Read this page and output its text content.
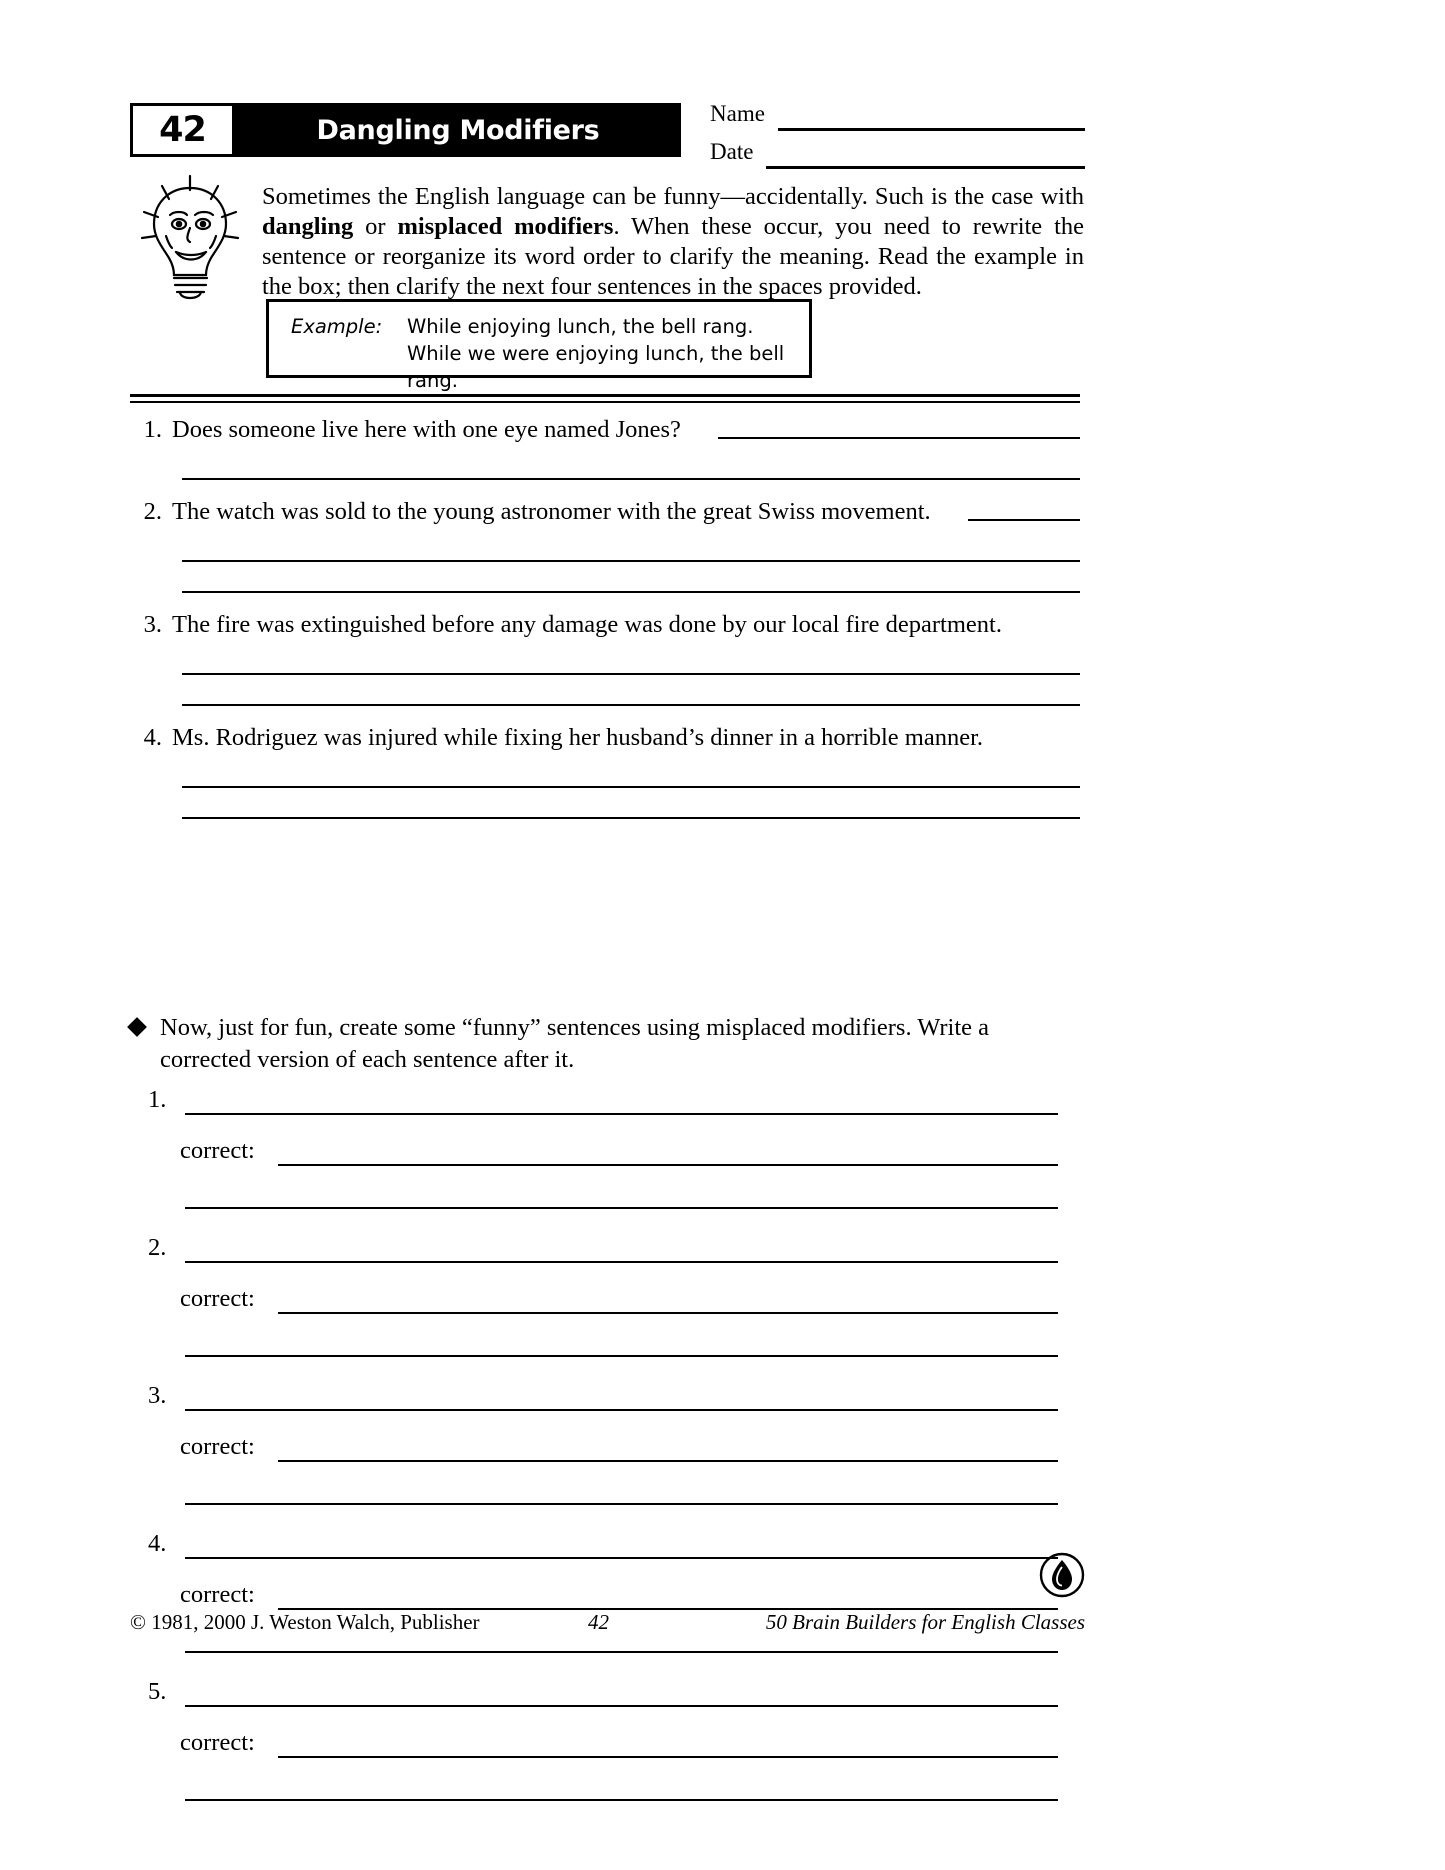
42	Dangling Modifiers
Name
Date
Sometimes the English language can be funny—accidentally. Such is the case with dangling or misplaced modifiers. When these occur, you need to rewrite the sentence or reorganize its word order to clarify the meaning. Read the example in the box; then clarify the next four sentences in the spaces provided.
Example: While enjoying lunch, the bell rang.
While we were enjoying lunch, the bell rang.
1. Does someone live here with one eye named Jones?
2. The watch was sold to the young astronomer with the great Swiss movement.
3. The fire was extinguished before any damage was done by our local fire department.
4. Ms. Rodriguez was injured while fixing her husband’s dinner in a horrible manner.
Now, just for fun, create some “funny” sentences using misplaced modifiers. Write a corrected version of each sentence after it.
1.
correct:
2.
correct:
3.
correct:
4.
correct:
5.
correct:
© 1981, 2000 J. Weston Walch, Publisher	42	50 Brain Builders for English Classes
